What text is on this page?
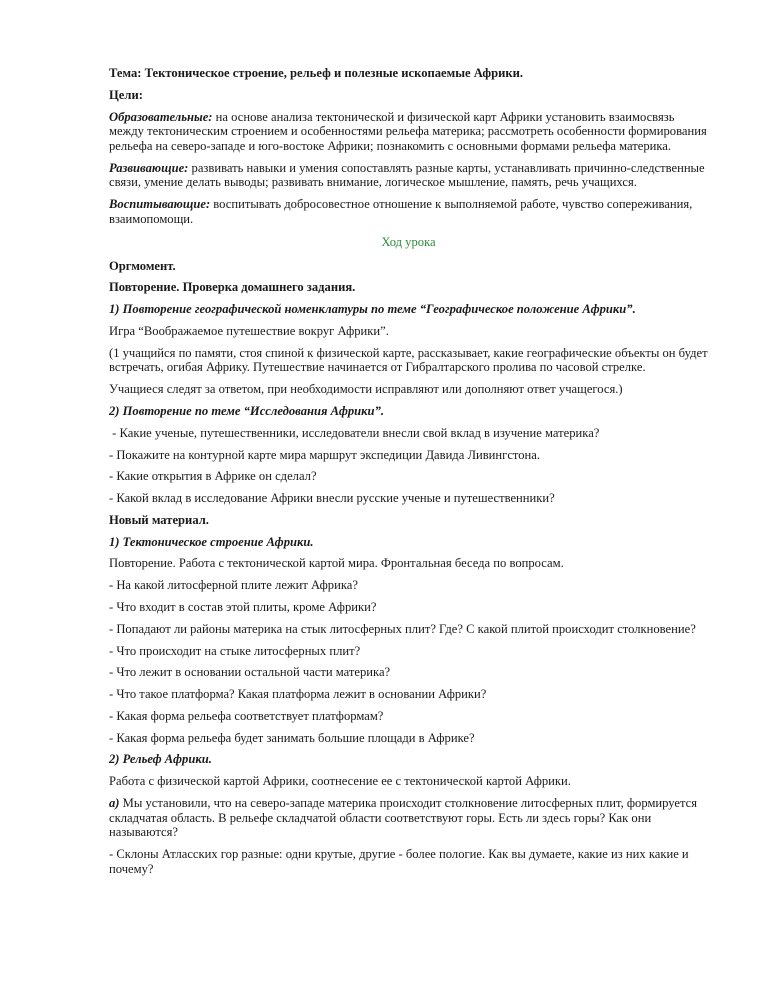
Тема: Тектоническое строение, рельеф и полезные ископаемые Африки.

Цели:

Образовательные: на основе анализа тектонической и физической карт Африки установить взаимосвязь между тектоническим строением и особенностями рельефа материка; рассмотреть особенности формирования рельефа на северо-западе и юго-востоке Африки; познакомить с основными формами рельефа материка.

Развивающие: развивать навыки и умения сопоставлять разные карты, устанавливать причинно-следственные связи, умение делать выводы; развивать внимание, логическое мышление, память, речь учащихся.

Воспитывающие: воспитывать добросовестное отношение к выполняемой работе, чувство сопереживания, взаимопомощи.

Ход урока

Оргмомент.

Повторение. Проверка домашнего задания.

1) Повторение географической номенклатуры по теме “Географическое положение Африки”.

Игра “Воображаемое путешествие вокруг Африки”.

(1 учащийся по памяти, стоя спиной к физической карте, рассказывает, какие географические объекты он будет встречать, огибая Африку. Путешествие начинается от Гибралтарского пролива по часовой стрелке.

Учащиеся следят за ответом, при необходимости исправляют или дополняют ответ учащегося.)

2) Повторение по теме “Исследования Африки”.

- Какие ученые, путешественники, исследователи внесли свой вклад в изучение материка?

- Покажите на контурной карте мира маршрут экспедиции Давида Ливингстона.

- Какие открытия в Африке он сделал?

- Какой вклад в исследование Африки внесли русские ученые и путешественники?

Новый материал.

1) Тектоническое строение Африки.

Повторение. Работа с тектонической картой мира. Фронтальная беседа по вопросам.

- На какой литосферной плите лежит Африка?

- Что входит в состав этой плиты, кроме Африки?

- Попадают ли районы материка на стык литосферных плит? Где? С какой плитой происходит столкновение?

- Что происходит на стыке литосферных плит?

- Что лежит в основании остальной части материка?

- Что такое платформа? Какая платформа лежит в основании Африки?

- Какая форма рельефа соответствует платформам?

- Какая форма рельефа будет занимать большие площади в Африке?

2) Рельеф Африки.

Работа с физической картой Африки, соотнесение ее с тектонической картой Африки.

а) Мы установили, что на северо-западе материка происходит столкновение литосферных плит, формируется складчатая область. В рельефе складчатой области соответствуют горы. Есть ли здесь горы? Как они называются?

- Склоны Атласских гор разные: одни крутые, другие - более пологие. Как вы думаете, какие из них какие и почему?
